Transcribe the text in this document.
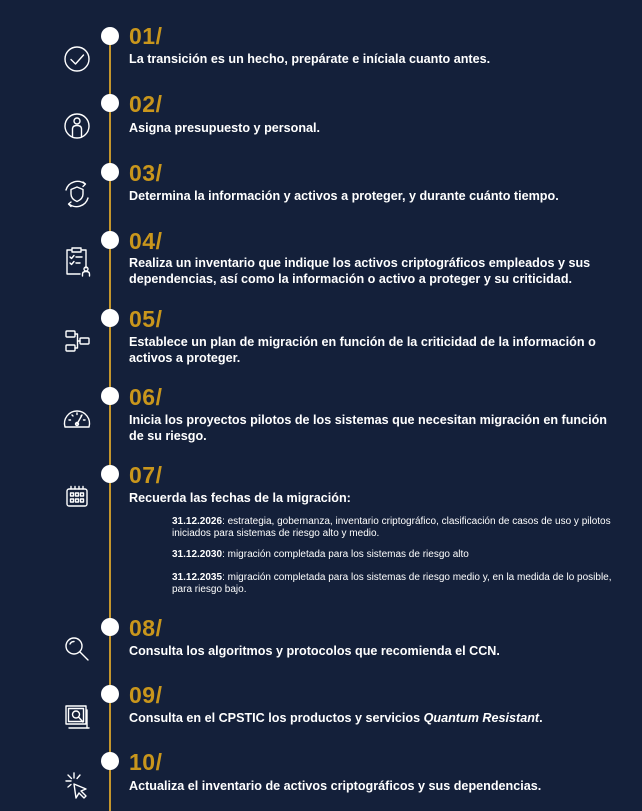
01/
La transición es un hecho, prepárate e iníciala cuanto antes.
02/
Asigna presupuesto y personal.
03/
Determina la información y activos a proteger, y durante cuánto tiempo.
04/
Realiza un inventario que indique los activos criptográficos empleados y sus dependencias, así como la información o activo a proteger y su criticidad.
05/
Establece un plan de migración en función de la criticidad de la información o activos a proteger.
06/
Inicia los proyectos pilotos de los sistemas que necesitan migración en función de su riesgo.
07/
Recuerda las fechas de la migración:
31.12.2026: estrategia, gobernanza, inventario criptográfico, clasificación de casos de uso y pilotos iniciados para sistemas de riesgo alto y medio.
31.12.2030: migración completada para los sistemas de riesgo alto
31.12.2035: migración completada para los sistemas de riesgo medio y, en la medida de lo posible, para riesgo bajo.
08/
Consulta los algoritmos y protocolos que recomienda el CCN.
09/
Consulta en el CPSTIC los productos y servicios Quantum Resistant.
10/
Actualiza el inventario de activos criptográficos y sus dependencias.
